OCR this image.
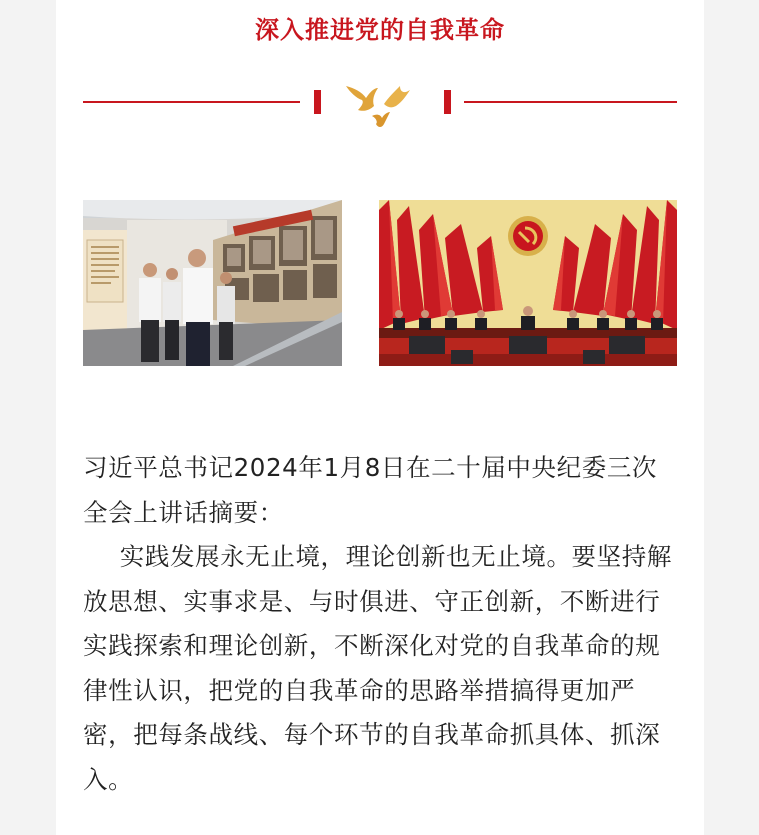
深入推进党的自我革命

习近平总书记2024年1月8日在二十届中央纪委三次全会上讲话摘要：

实践发展永无止境，理论创新也无止境。要坚持解放思想、实事求是、与时俱进、守正创新，不断进行实践探索和理论创新，不断深化对党的自我革命的规律性认识，把党的自我革命的思路举措搞得更加严密，把每条战线、每个环节的自我革命抓具体、抓深入。
